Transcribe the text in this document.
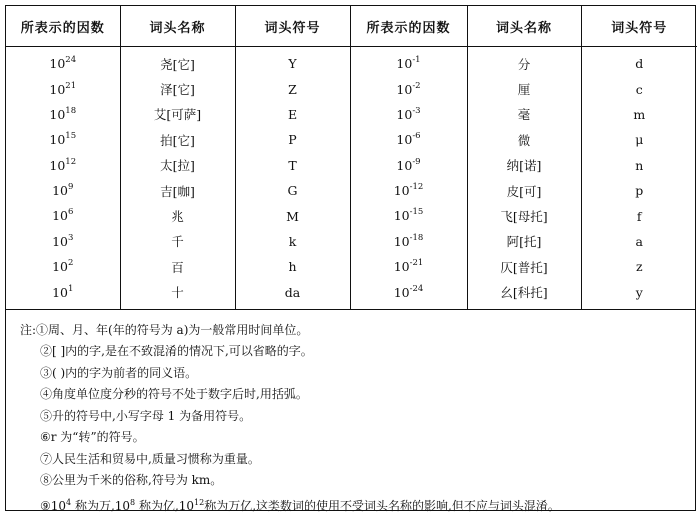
所表示的因数	词头名称	词头符号	所表示的因数	词头名称	词头符号
$10^{24}$	尧[它]	Y	$10^{-1}$	分	d
$10^{21}$	泽[它]	Z	$10^{-2}$	厘	c
$10^{18}$	艾[可萨]	E	$10^{-3}$	毫	m
$10^{15}$	拍[它]	P	$10^{-6}$	微	μ
$10^{12}$	太[拉]	T	$10^{-9}$	纳[诺]	n
$10^9$	吉[咖]	G	$10^{-12}$	皮[可]	p
$10^6$	兆	M	$10^{-15}$	飞[母托]	f
$10^3$	千	k	$10^{-18}$	阿[托]	a
$10^2$	百	h	$10^{-21}$	仄[普托]	z
$10^1$	十	da	$10^{-24}$	幺[科托]	y
注:①周、月、年(年的符号为 a)为一般常用时间单位。
②[ ]内的字,是在不致混淆的情况下,可以省略的字。
③( )内的字为前者的同义语。
④角度单位度分秒的符号不处于数字后时,用括弧。
⑤升的符号中,小写字母 1 为备用符号。
⑥r 为“转”的符号。
⑦人民生活和贸易中,质量习惯称为重量。
⑧公里为千米的俗称,符号为 km。
$⑨10^4$ 称为万$,10^8$ 称为亿$,10^{12}$称为万亿,这类数词的使用不受词头名称的影响,但不应与词头混淆。
